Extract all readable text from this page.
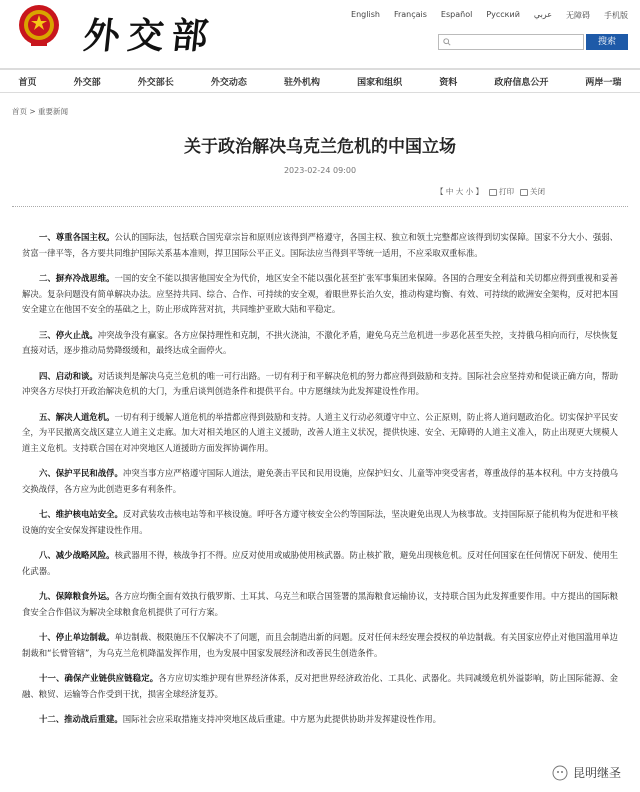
外交部
English Français Español Русский عربي 无障碍 手机版
搜索
首页	外交部	外交部长	外交动态	驻外机构	国家和组织	资料	政府信息公开	两岸一瑞
首页 > 重要新闻
关于政治解决乌克兰危机的中国立场
2023-02-24 09:00
【 中 大 小 】	打印	关闭

一、尊重各国主权。公认的国际法，包括联合国宪章宗旨和原则应该得到严格遵守，各国主权、独立和领土完整都应该得到切实保障。国家不分大小、强弱、贫富一律平等，各方要共同维护国际关系基本准则，捍卫国际公平正义。国际法应当得到平等统一适用，不应采取双重标准。

二、摒弃冷战思维。一国的安全不能以损害他国安全为代价，地区安全不能以强化甚至扩张军事集团来保障。各国的合理安全利益和关切都应得到重视和妥善解决。复杂问题没有简单解决办法。应坚持共同、综合、合作、可持续的安全观，着眼世界长治久安，推动构建均衡、有效、可持续的欧洲安全架构，反对把本国安全建立在他国不安全的基础之上，防止形成阵营对抗，共同维护亚欧大陆和平稳定。

三、停火止战。冲突战争没有赢家。各方应保持理性和克制，不拱火浇油，不激化矛盾，避免乌克兰危机进一步恶化甚至失控，支持俄乌相向而行，尽快恢复直接对话，逐步推动局势降级缓和，最终达成全面停火。

四、启动和谈。对话谈判是解决乌克兰危机的唯一可行出路。一切有利于和平解决危机的努力都应得到鼓励和支持。国际社会应坚持劝和促谈正确方向，帮助冲突各方尽快打开政治解决危机的大门，为重启谈判创造条件和提供平台。中方愿继续为此发挥建设性作用。

五、解决人道危机。一切有利于缓解人道危机的举措都应得到鼓励和支持。人道主义行动必须遵守中立、公正原则，防止将人道问题政治化。切实保护平民安全，为平民撤离交战区建立人道主义走廊。加大对相关地区的人道主义援助，改善人道主义状况，提供快速、安全、无障碍的人道主义准入，防止出现更大规模人道主义危机。支持联合国在对冲突地区人道援助方面发挥协调作用。

六、保护平民和战俘。冲突当事方应严格遵守国际人道法，避免袭击平民和民用设施，应保护妇女、儿童等冲突受害者，尊重战俘的基本权利。中方支持俄乌交换战俘，各方应为此创造更多有利条件。

七、维护核电站安全。反对武装攻击核电站等和平核设施。呼吁各方遵守核安全公约等国际法，坚决避免出现人为核事故。支持国际原子能机构为促进和平核设施的安全安保发挥建设性作用。

八、减少战略风险。核武器用不得，核战争打不得。应反对使用或威胁使用核武器。防止核扩散，避免出现核危机。反对任何国家在任何情况下研发、使用生化武器。

九、保障粮食外运。各方应均衡全面有效执行俄罗斯、土耳其、乌克兰和联合国签署的黑海粮食运输协议，支持联合国为此发挥重要作用。中方提出的国际粮食安全合作倡议为解决全球粮食危机提供了可行方案。

十、停止单边制裁。单边制裁、极限施压不仅解决不了问题，而且会制造出新的问题。反对任何未经安理会授权的单边制裁。有关国家应停止对他国滥用单边制裁和“长臂管辖”，为乌克兰危机降温发挥作用，也为发展中国家发展经济和改善民生创造条件。

十一、确保产业链供应链稳定。各方应切实维护现有世界经济体系，反对把世界经济政治化、工具化、武器化。共同减缓危机外溢影响，防止国际能源、金融、粮贸、运输等合作受到干扰，损害全球经济复苏。

十二、推动战后重建。国际社会应采取措施支持冲突地区战后重建。中方愿为此提供协助并发挥建设性作用。

昆明继圣
